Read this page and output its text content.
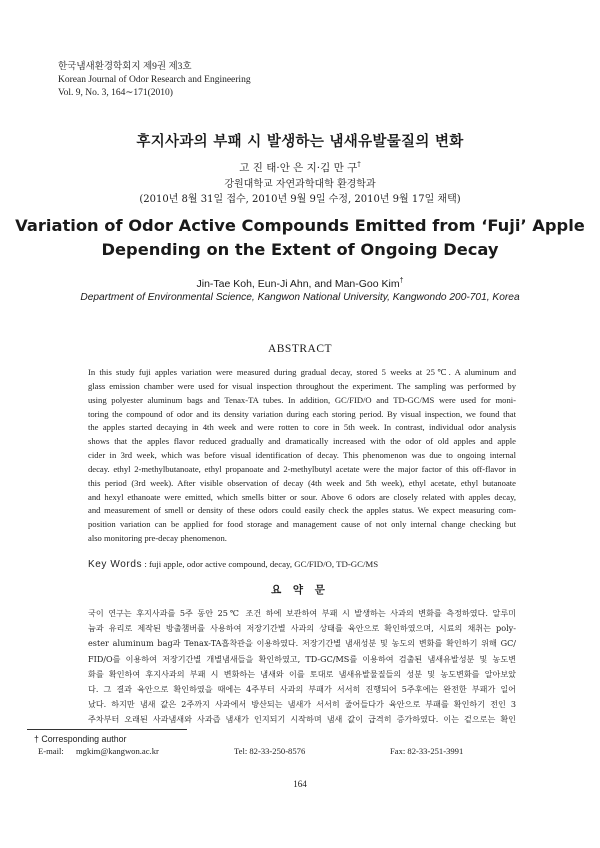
한국냄새환경학회지 제9권 제3호
Korean Journal of Odor Research and Engineering
Vol. 9, No. 3, 164∼171(2010)
후지사과의 부패 시 발생하는 냄새유발물질의 변화
고 진 태·안 은 지·김 만 구†
강원대학교 자연과학대학 환경학과
(2010년 8월 31일 접수, 2010년 9월 9일 수정, 2010년 9월 17일 채택)
Variation of Odor Active Compounds Emitted from ‘Fuji’ Apple
Depending on the Extent of Ongoing Decay
Jin-Tae Koh, Eun-Ji Ahn, and Man-Goo Kim†
Department of Environmental Science, Kangwon National University, Kangwondo 200-701, Korea
ABSTRACT
In this study fuji apples variation were measured during gradual decay, stored 5 weeks at 25℃. A aluminum and
glass emission chamber were used for visual inspection throughout the experiment. The sampling was performed by
using polyester aluminum bags and Tenax-TA tubes. In addition, GC/FID/O and TD-GC/MS were used for moni-
toring the compound of odor and its density variation during each storing period. By visual inspection, we found that
the apples started decaying in 4th week and were rotten to core in 5th week. In contrast, individual odor analysis
shows that the apples flavor reduced gradually and dramatically increased with the odor of old apples and apple
cider in 3rd week, which was before visual identification of decay. This phenomenon was due to ongoing internal
decay. ethyl 2-methylbutanoate, ethyl propanoate and 2-methylbutyl acetate were the major factor of this off-flavor in
this period (3rd week). After visible observation of decay (4th week and 5th week), ethyl acetate, ethyl butanoate
and hexyl ethanoate were emitted, which smells bitter or sour. Above 6 odors are closely related with apples decay,
and measurement of smell or density of these odors could easily check the apples status. We expect measuring com-
position variation can be applied for food storage and management cause of not only internal change checking but
also monitoring pre-decay phenomenon.
Key Words : fuji apple, odor active compound, decay, GC/FID/O, TD-GC/MS
요 약 문
국이 연구는 후지사과를 5주 동안 25℃ 조건 하에 보관하여 부패 시 발생하는 사과의 변화를 측정하였다. 알루미
늄과 유리로 제작된 방출챔버를 사용하여 저장기간별 사과의 상태를 육안으로 확인하였으며, 시료의 채취는 poly-
ester aluminum bag과 Tenax-TA흡착관을 이용하였다. 저장기간별 냄새성분 및 농도의 변화를 확인하기 위해 GC/
FID/O를 이용하여 저장기간별 개별냄새들을 확인하였고, TD-GC/MS를 이용하여 검출된 냄새유발성분 및 농도변
화를 확인하여 후지사과의 부패 시 변화하는 냄새와 이를 토대로 냄새유발물질들의 성분 및 농도변화를 알아보았
다. 그 결과 육안으로 확인하였을 때에는 4주부터 사과의 부패가 서서히 진행되어 5주후에는 완전한 부패가 일어
났다. 하지만 냄새 값은 2주까지 사과에서 방산되는 냄새가 서서히 줄어들다가 육안으로 부패를 확인하기 전인 3
주차부터 오래된 사과냄새와 사과즙 냄새가 인지되기 시작하며 냄새 값이 급격히 증가하였다. 이는 겉으로는 확인
† Corresponding author
E-mail: mgkim@kangwon.ac.kr	Tel: 82-33-250-8576	Fax: 82-33-251-3991
164
